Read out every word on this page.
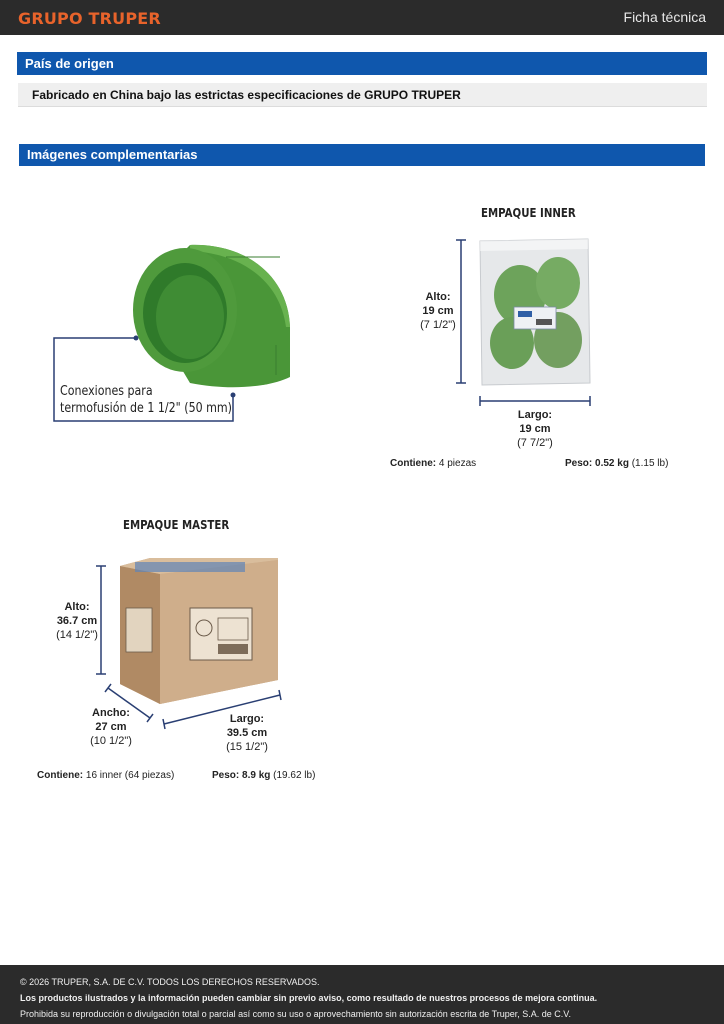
GRUPO TRUPER	Ficha técnica
País de origen
Fabricado en China bajo las estrictas especificaciones de GRUPO TRUPER
Imágenes complementarias
Conexiones para
termofusión de 1 1/2" (50 mm)
EMPAQUE INNER
Alto:
19 cm
(7 1/2")
Largo:
19 cm
(7 7/2")
Contiene: 4 piezas	Peso: 0.52 kg (1.15 lb)
EMPAQUE MASTER
Alto:
36.7 cm
(14 1/2")
Ancho:
27 cm
(10 1/2")
Largo:
39.5 cm
(15 1/2")
Contiene: 16 inner (64 piezas)	Peso: 8.9 kg (19.62 lb)
© 2026 TRUPER, S.A. DE C.V. TODOS LOS DERECHOS RESERVADOS.
Los productos ilustrados y la información pueden cambiar sin previo aviso, como resultado de nuestros procesos de mejora continua.
Prohibida su reproducción o divulgación total o parcial así como su uso o aprovechamiento sin autorización escrita de Truper, S.A. de C.V.
